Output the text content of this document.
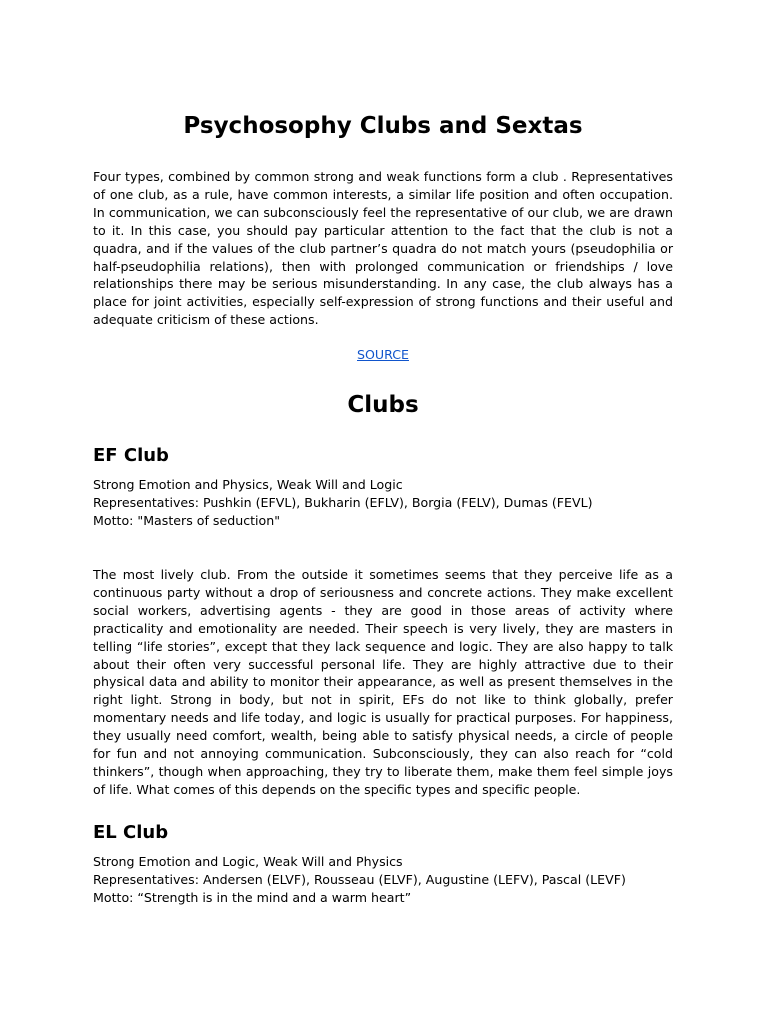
Psychosophy Clubs and Sextas

Four types, combined by common strong and weak functions form a club . Representatives of one club, as a rule, have common interests, a similar life position and often occupation. In communication, we can subconsciously feel the representative of our club, we are drawn to it. In this case, you should pay particular attention to the fact that the club is not a quadra, and if the values of the club partner’s quadra do not match yours (pseudophilia or half-pseudophilia relations), then with prolonged communication or friendships / love relationships there may be serious misunderstanding. In any case, the club always has a place for joint activities, especially self-expression of strong functions and their useful and adequate criticism of these actions.

SOURCE
Clubs
EF Club
Strong Emotion and Physics, Weak Will and Logic
Representatives: Pushkin (EFVL), Bukharin (EFLV), Borgia (FELV), Dumas (FEVL)
Motto: "Masters of seduction"

The most lively club. From the outside it sometimes seems that they perceive life as a continuous party without a drop of seriousness and concrete actions. They make excellent social workers, advertising agents - they are good in those areas of activity where practicality and emotionality are needed. Their speech is very lively, they are masters in telling “life stories”, except that they lack sequence and logic. They are also happy to talk about their often very successful personal life. They are highly attractive due to their physical data and ability to monitor their appearance, as well as present themselves in the right light. Strong in body, but not in spirit, EFs do not like to think globally, prefer momentary needs and life today, and logic is usually for practical purposes. For happiness, they usually need comfort, wealth, being able to satisfy physical needs, a circle of people for fun and not annoying communication. Subconsciously, they can also reach for “cold thinkers”, though when approaching, they try to liberate them, make them feel simple joys of life. What comes of this depends on the specific types and specific people.

EL Club
Strong Emotion and Logic, Weak Will and Physics
Representatives: Andersen (ELVF), Rousseau (ELVF), Augustine (LEFV), Pascal (LEVF)
Motto: “Strength is in the mind and a warm heart”
